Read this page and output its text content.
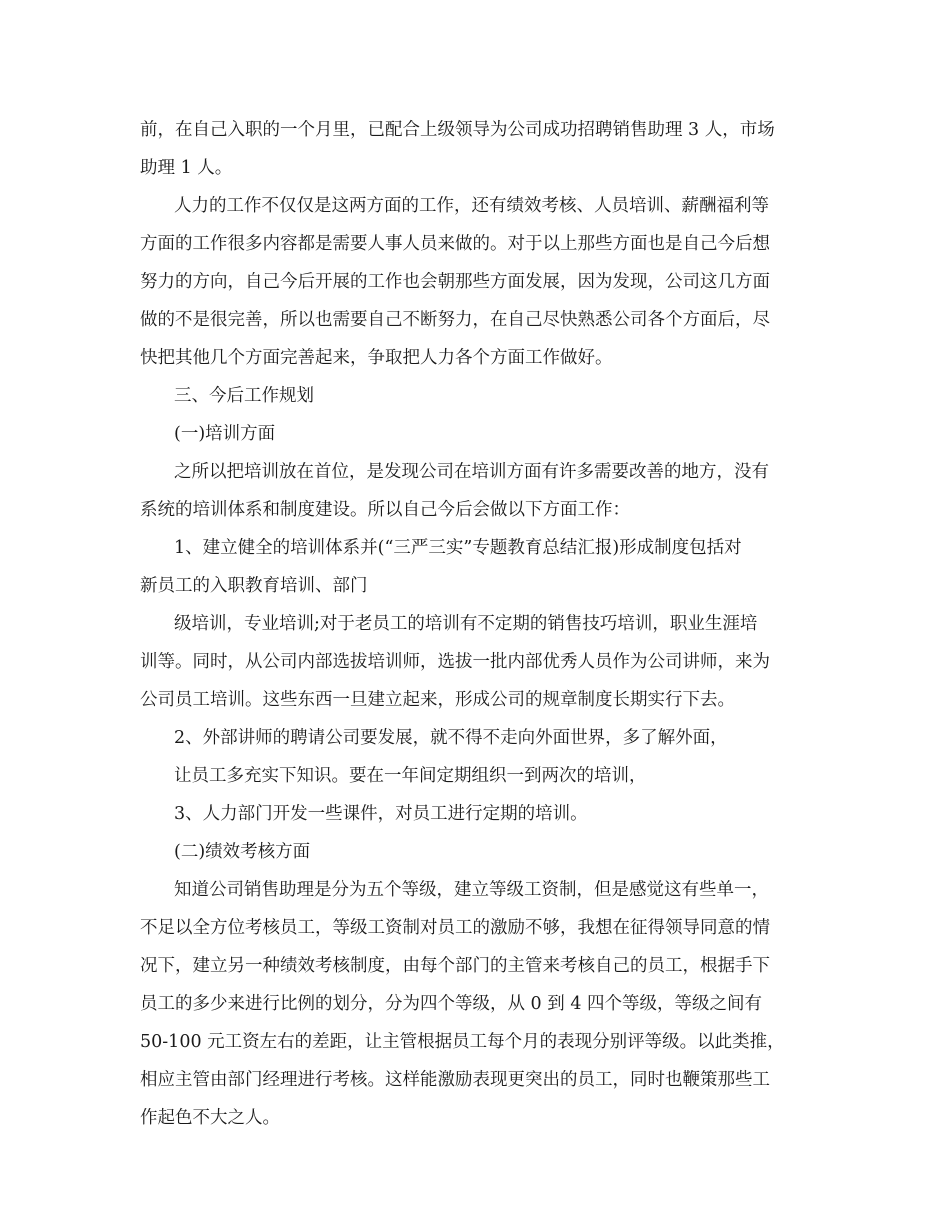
前，在自己入职的一个月里，已配合上级领导为公司成功招聘销售助理 3 人，市场

助理 1 人。

人力的工作不仅仅是这两方面的工作，还有绩效考核、人员培训、薪酬福利等

方面的工作很多内容都是需要人事人员来做的。对于以上那些方面也是自己今后想

努力的方向，自己今后开展的工作也会朝那些方面发展，因为发现，公司这几方面

做的不是很完善，所以也需要自己不断努力，在自己尽快熟悉公司各个方面后，尽

快把其他几个方面完善起来，争取把人力各个方面工作做好。

三、今后工作规划

(一)培训方面

之所以把培训放在首位，是发现公司在培训方面有许多需要改善的地方，没有

系统的培训体系和制度建设。所以自己今后会做以下方面工作：

1、建立健全的培训体系并(“三严三实”专题教育总结汇报)形成制度包括对

新员工的入职教育培训、部门

级培训，专业培训;对于老员工的培训有不定期的销售技巧培训，职业生涯培

训等。同时，从公司内部选拔培训师，选拔一批内部优秀人员作为公司讲师，来为

公司员工培训。这些东西一旦建立起来，形成公司的规章制度长期实行下去。

2、外部讲师的聘请公司要发展，就不得不走向外面世界，多了解外面，

让员工多充实下知识。要在一年间定期组织一到两次的培训，

3、人力部门开发一些课件，对员工进行定期的培训。

(二)绩效考核方面

知道公司销售助理是分为五个等级，建立等级工资制，但是感觉这有些单一，

不足以全方位考核员工，等级工资制对员工的激励不够，我想在征得领导同意的情

况下，建立另一种绩效考核制度，由每个部门的主管来考核自己的员工，根据手下

员工的多少来进行比例的划分，分为四个等级，从 0 到 4 四个等级，等级之间有

50-100 元工资左右的差距，让主管根据员工每个月的表现分别评等级。以此类推，

相应主管由部门经理进行考核。这样能激励表现更突出的员工，同时也鞭策那些工

作起色不大之人。
